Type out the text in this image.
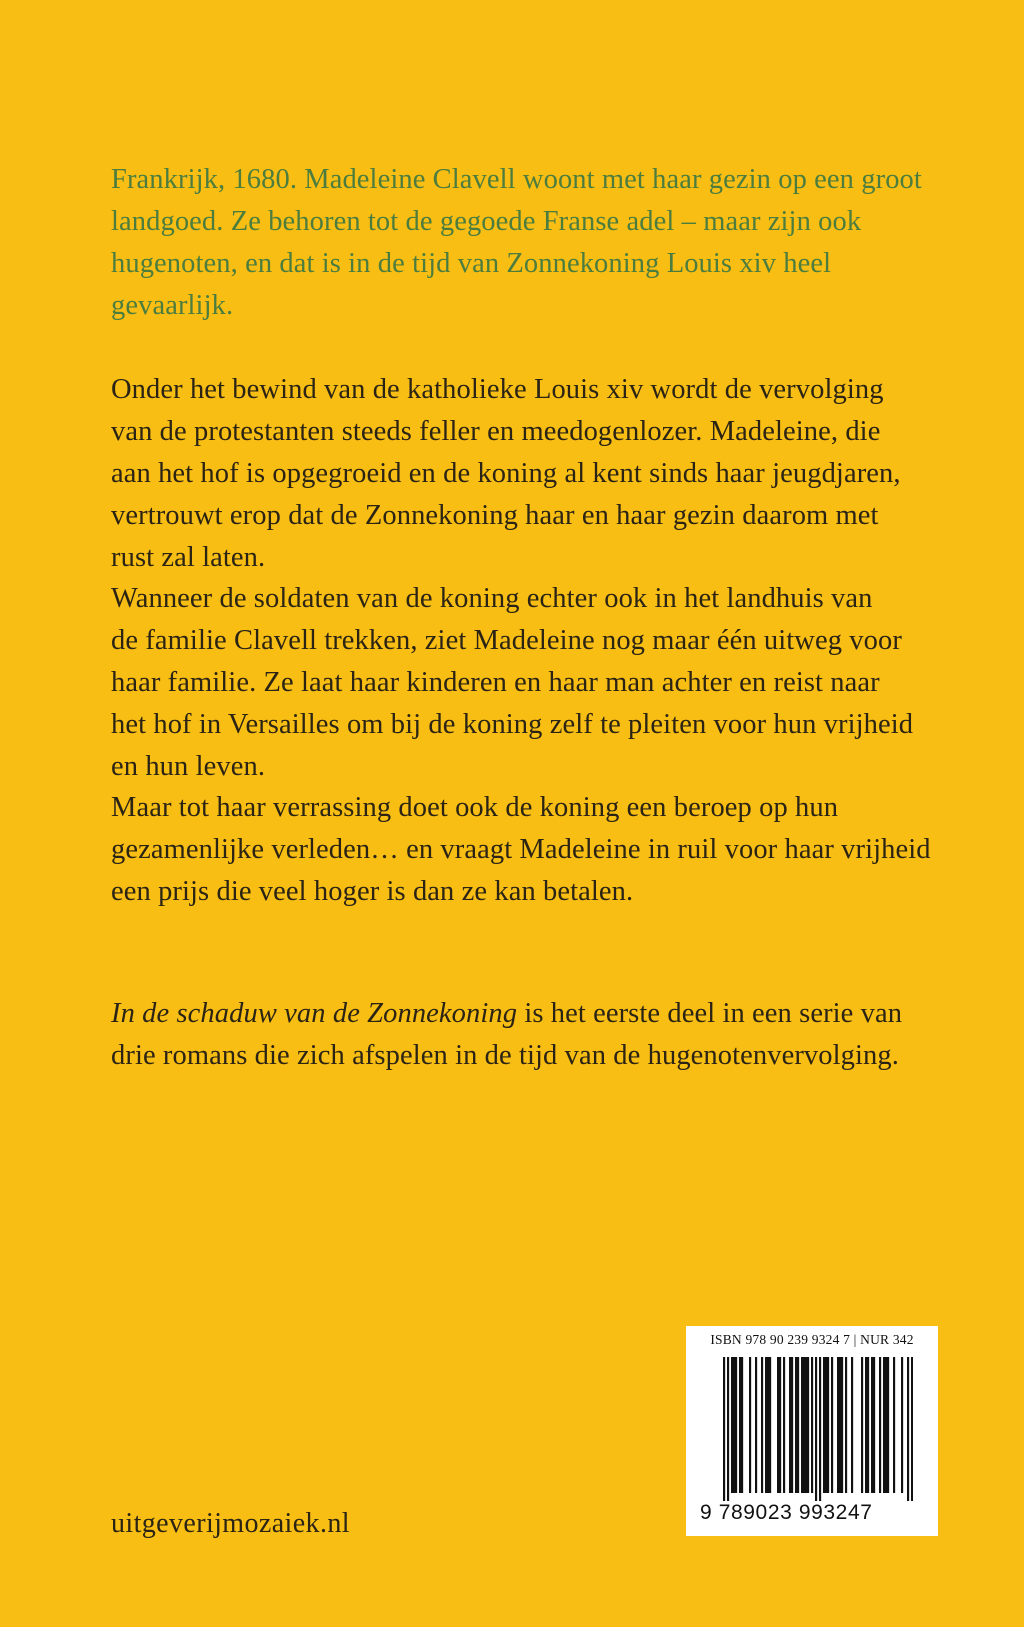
Frankrijk, 1680. Madeleine Clavell woont met haar gezin op een groot
landgoed. Ze behoren tot de gegoede Franse adel – maar zijn ook
hugenoten, en dat is in de tijd van Zonnekoning Louis xiv heel
gevaarlijk.

Onder het bewind van de katholieke Louis xiv wordt de vervolging
van de protestanten steeds feller en meedogenlozer. Madeleine, die
aan het hof is opgegroeid en de koning al kent sinds haar jeugdjaren,
vertrouwt erop dat de Zonnekoning haar en haar gezin daarom met
rust zal laten.

Wanneer de soldaten van de koning echter ook in het landhuis van
de familie Clavell trekken, ziet Madeleine nog maar één uitweg voor
haar familie. Ze laat haar kinderen en haar man achter en reist naar
het hof in Versailles om bij de koning zelf te pleiten voor hun vrijheid
en hun leven.

Maar tot haar verrassing doet ook de koning een beroep op hun
gezamenlijke verleden… en vraagt Madeleine in ruil voor haar vrijheid
een prijs die veel hoger is dan ze kan betalen.

In de schaduw van de Zonnekoning is het eerste deel in een serie van
drie romans die zich afspelen in de tijd van de hugenotenvervolging.

uitgeverijmozaiek.nl
ISBN 978 90 239 9324 7 | NUR 342
9 789023 993247
